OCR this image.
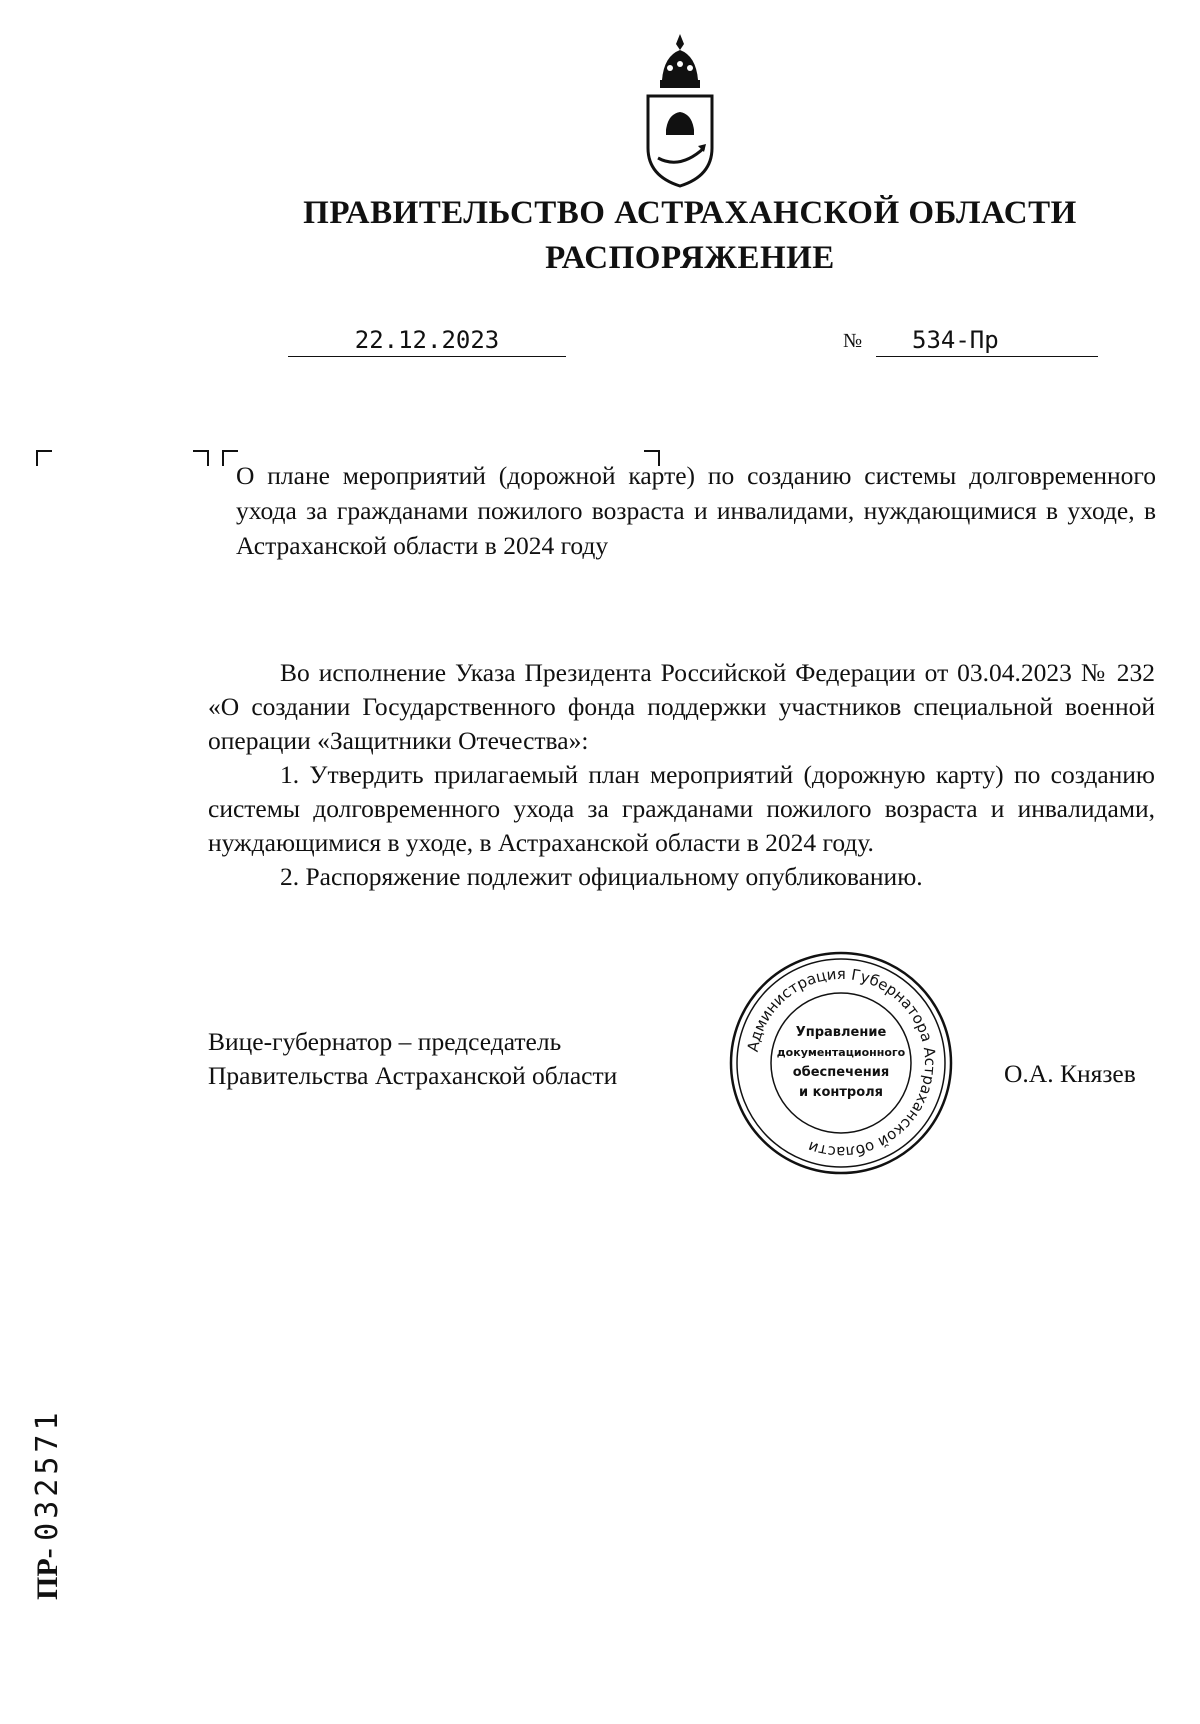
ПРАВИТЕЛЬСТВО АСТРАХАНСКОЙ ОБЛАСТИ
РАСПОРЯЖЕНИЕ
22.12.2023	№ 534-Пр
О плане мероприятий (дорожной карте) по созданию системы долговременного ухода за гражданами пожилого возраста и инвалидами, нуждающимися в уходе, в Астраханской области в 2024 году

Во исполнение Указа Президента Российской Федерации от 03.04.2023 № 232 «О создании Государственного фонда поддержки участников специальной военной операции «Защитники Отечества»:

1. Утвердить прилагаемый план мероприятий (дорожную карту) по созданию системы долговременного ухода за гражданами пожилого возраста и инвалидами, нуждающимися в уходе, в Астраханской области в 2024 году.

2. Распоряжение подлежит официальному опубликованию.

Вице-губернатор – председатель
Правительства Астраханской области	О.А. Князев
Администрация Губернатора Астраханской области
Управление
документационного
обеспечения
и контроля
ПР- 032571
